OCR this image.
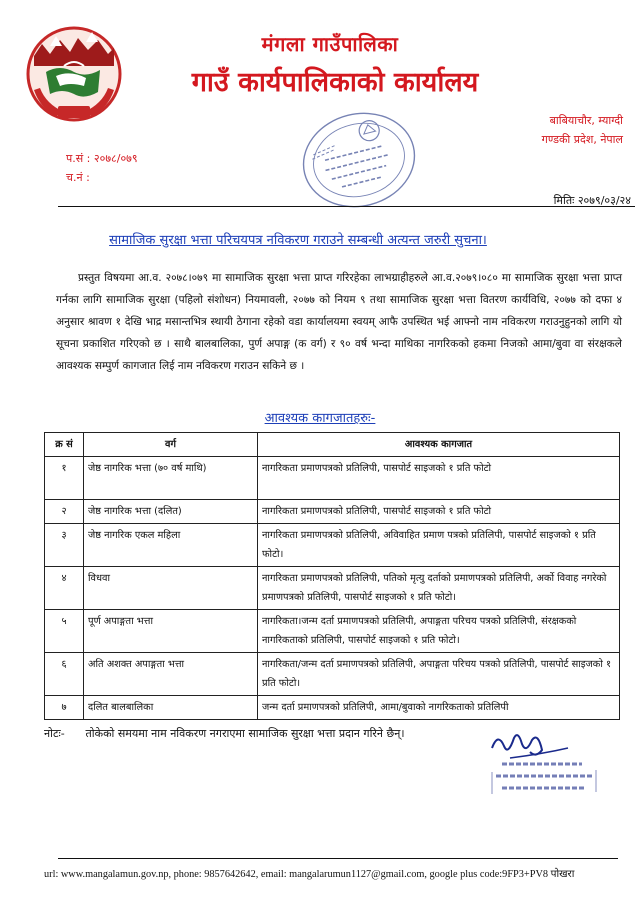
मंगला गाउँपालिका
गाउँ कार्यपालिकाको कार्यालय
बाबियाचौर, म्याग्दी
गण्डकी प्रदेश, नेपाल
प.सं : २०७८/०७९
च.नं :
मितिः २०७९/०३/२४
सामाजिक सुरक्षा भत्ता परिचयपत्र नविकरण गराउने सम्बन्धी अत्यन्त जरुरी सुचना।
प्रस्तुत विषयमा आ.व. २०७८।०७९ मा सामाजिक सुरक्षा भत्ता प्राप्त गरिरहेका लाभग्राहीहरुले आ.व.२०७९।०८० मा सामाजिक सुरक्षा भत्ता प्राप्त गर्नका लागि सामाजिक सुरक्षा (पहिलो संशोधन) नियमावली, २०७७ को नियम ९ तथा सामाजिक सुरक्षा भत्ता वितरण कार्यविधि, २०७७ को दफा ४ अनुसार श्रावण १ देखि भाद्र मसान्तभित्र स्थायी ठेगाना रहेको वडा कार्यालयमा स्वयम् आफै उपस्थित भई आफ्नो नाम नविकरण गराउनुहुनको लागि यो सूचना प्रकाशित गरिएको छ । साथै बालबालिका, पुर्ण अपाङ्ग (क वर्ग) र ९० वर्ष भन्दा माथिका नागरिकको हकमा निजको आमा/बुवा वा संरक्षकले आवश्यक सम्पुर्ण कागजात लिई नाम नविकरण गराउन सकिने छ ।
आवश्यक कागजातहरुः-
क्र सं	वर्ग	आवश्यक कागजात
१	जेष्ठ नागरिक भत्ता (७० वर्ष माथि)	नागरिकता प्रमाणपत्रको प्रतिलिपी, पासपोर्ट साइजको १ प्रति फोटो
२	जेष्ठ नागरिक भत्ता (दलित)	नागरिकता प्रमाणपत्रको प्रतिलिपी, पासपोर्ट साइजको १ प्रति फोटो
३	जेष्ठ नागरिक एकल महिला	नागरिकता प्रमाणपत्रको प्रतिलिपी, अविवाहित प्रमाण पत्रको प्रतिलिपी, पासपोर्ट साइजको १ प्रति फोटो।
४	विधवा	नागरिकता प्रमाणपत्रको प्रतिलिपी, पतिको मृत्यु दर्ताको प्रमाणपत्रको प्रतिलिपी, अर्को विवाह नगरेको प्रमाणपत्रको प्रतिलिपी, पासपोर्ट साइजको १ प्रति फोटो।
५	पूर्ण अपाङ्गता भत्ता	नागरिकता।जन्म दर्ता प्रमाणपत्रको प्रतिलिपी, अपाङ्गता परिचय पत्रको प्रतिलिपी, संरक्षकको नागरिकताको प्रतिलिपी, पासपोर्ट साइजको १ प्रति फोटो।
६	अति अशक्त अपाङ्गता भत्ता	नागरिकता/जन्म दर्ता प्रमाणपत्रको प्रतिलिपी, अपाङ्गता परिचय पत्रको प्रतिलिपी, पासपोर्ट साइजको १ प्रति फोटो।
७	दलित बालबालिका	जन्म दर्ता प्रमाणपत्रको प्रतिलिपी, आमा/बुवाको नागरिकताको प्रतिलिपी
नोटः- तोकेको समयमा नाम नविकरण नगराएमा सामाजिक सुरक्षा भत्ता प्रदान गरिने छैन्।
url: www.mangalamun.gov.np, phone: 9857642642, email: mangalarumun1127@gmail.com, google plus code:9FP3+PV8 पोखरा
